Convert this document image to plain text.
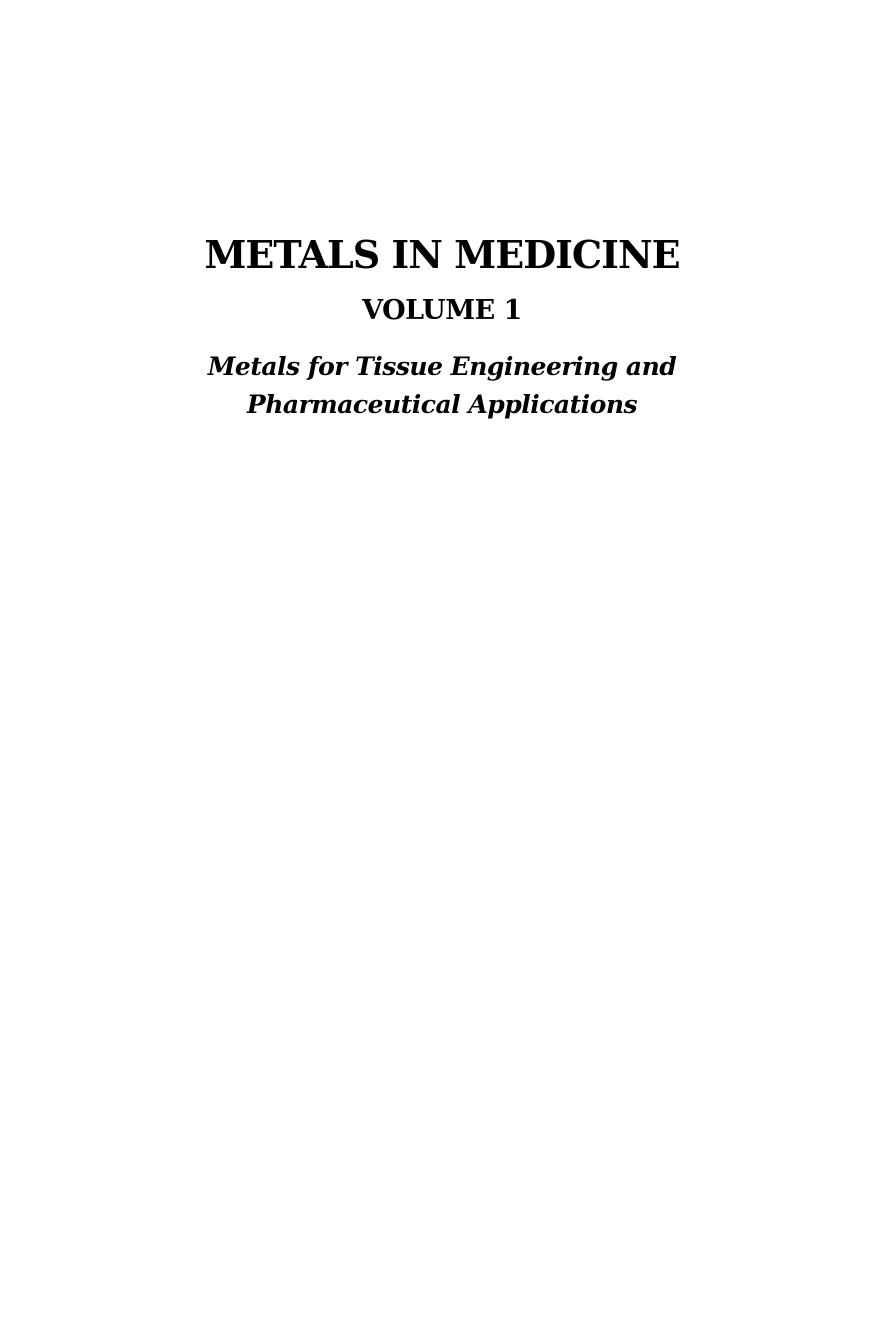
METALS IN MEDICINE
VOLUME 1
Metals for Tissue Engineering and
Pharmaceutical Applications
